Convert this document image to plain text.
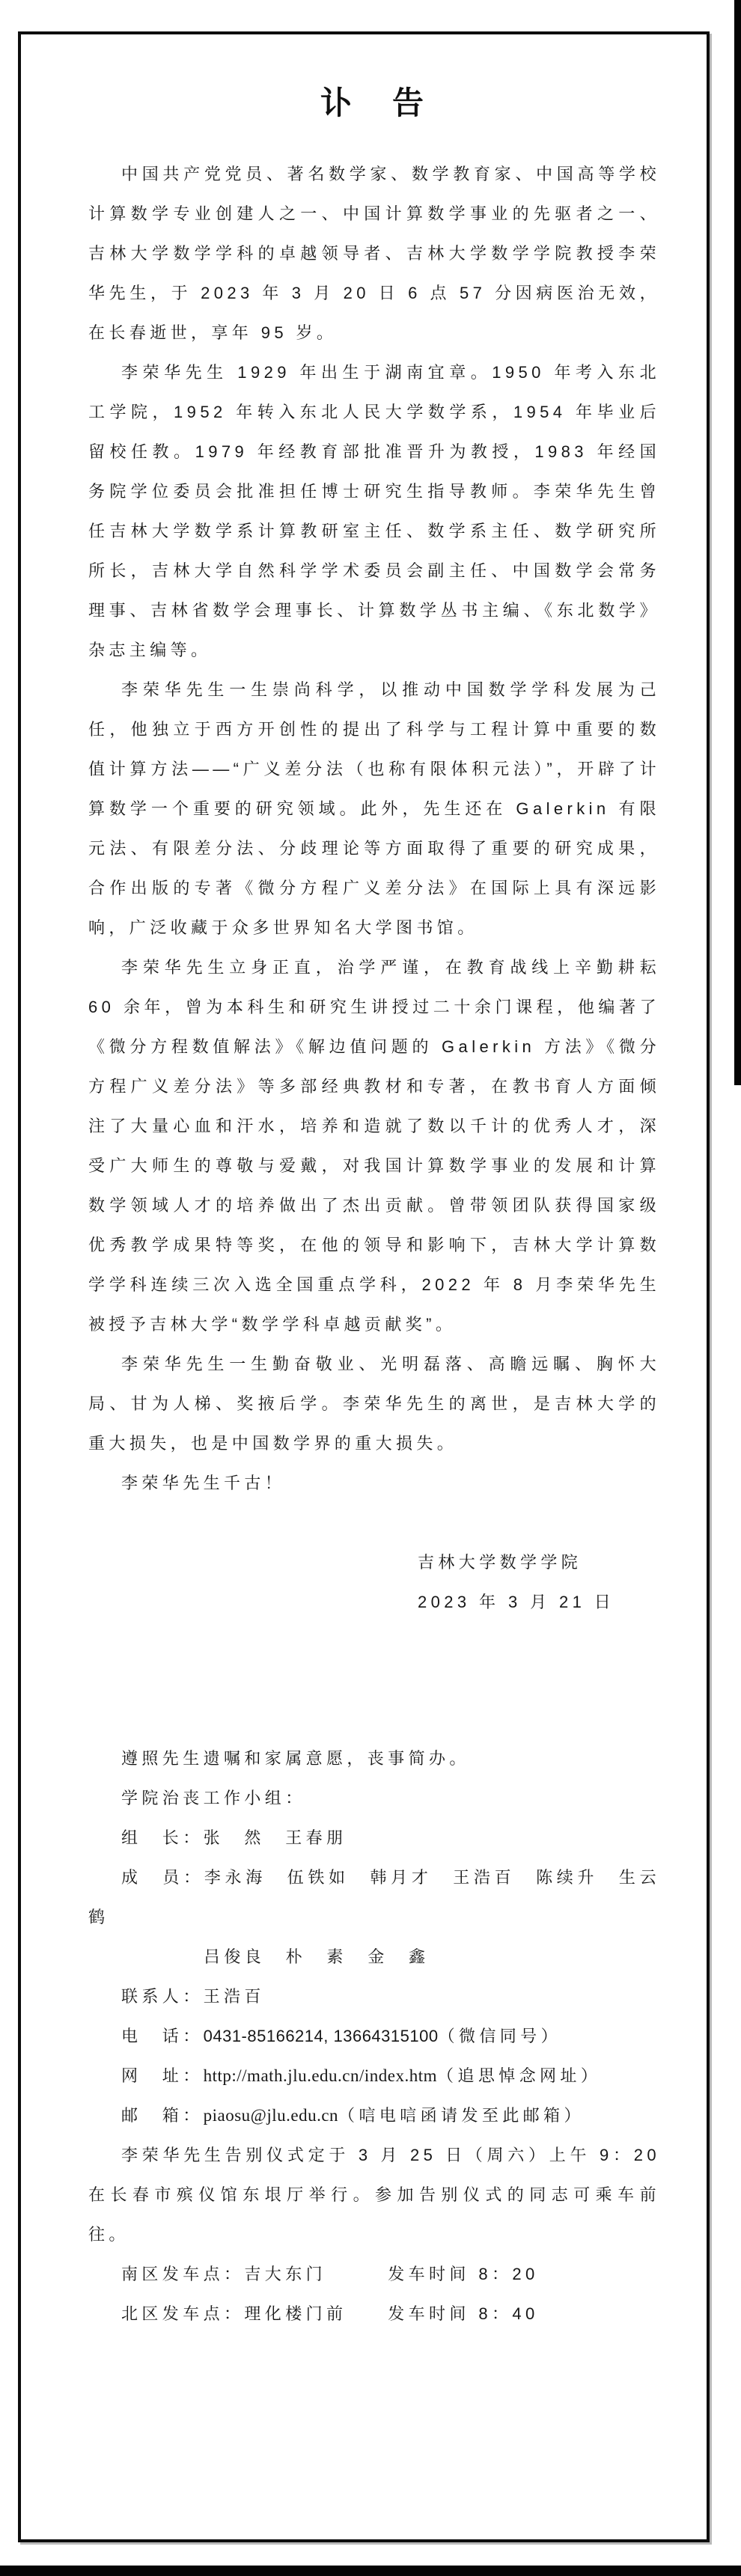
讣　告

中国共产党党员、著名数学家、数学教育家、中国高等学校计算数学专业创建人之一、中国计算数学事业的先驱者之一、吉林大学数学学科的卓越领导者、吉林大学数学学院教授李荣华先生，于 2023 年 3 月 20 日 6 点 57 分因病医治无效，在长春逝世，享年 95 岁。

李荣华先生 1929 年出生于湖南宜章。1950 年考入东北工学院，1952 年转入东北人民大学数学系，1954 年毕业后留校任教。1979 年经教育部批准晋升为教授，1983 年经国务院学位委员会批准担任博士研究生指导教师。李荣华先生曾任吉林大学数学系计算教研室主任、数学系主任、数学研究所所长，吉林大学自然科学学术委员会副主任、中国数学会常务理事、吉林省数学会理事长、计算数学丛书主编、《东北数学》杂志主编等。

李荣华先生一生崇尚科学，以推动中国数学学科发展为己任，他独立于西方开创性的提出了科学与工程计算中重要的数值计算方法——“广义差分法（也称有限体积元法）”，开辟了计算数学一个重要的研究领域。此外，先生还在 Galerkin 有限元法、有限差分法、分歧理论等方面取得了重要的研究成果，合作出版的专著《微分方程广义差分法》在国际上具有深远影响，广泛收藏于众多世界知名大学图书馆。

李荣华先生立身正直，治学严谨，在教育战线上辛勤耕耘 60 余年，曾为本科生和研究生讲授过二十余门课程，他编著了《微分方程数值解法》《解边值问题的 Galerkin 方法》《微分方程广义差分法》等多部经典教材和专著，在教书育人方面倾注了大量心血和汗水，培养和造就了数以千计的优秀人才，深受广大师生的尊敬与爱戴，对我国计算数学事业的发展和计算数学领域人才的培养做出了杰出贡献。曾带领团队获得国家级优秀教学成果特等奖，在他的领导和影响下，吉林大学计算数学学科连续三次入选全国重点学科，2022 年 8 月李荣华先生被授予吉林大学“数学学科卓越贡献奖”。

李荣华先生一生勤奋敬业、光明磊落、高瞻远瞩、胸怀大局、甘为人梯、奖掖后学。李荣华先生的离世，是吉林大学的重大损失，也是中国数学界的重大损失。

李荣华先生千古！

吉林大学数学学院
2023 年 3 月 21 日

遵照先生遗嘱和家属意愿，丧事简办。

学院治丧工作小组：

组　长：张　然　王春朋

成　员：李永海　伍铁如　韩月才　王浩百　陈续升　生云鹤

吕俊良　朴　素　金　鑫

联系人：王浩百

电　话：0431-85166214, 13664315100（微信同号）

网　址：http://math.jlu.edu.cn/index.htm（追思悼念网址）

邮　箱：piaosu@jlu.edu.cn（唁电唁函请发至此邮箱）

李荣华先生告别仪式定于 3 月 25 日（周六）上午 9：20 在长春市殡仪馆东垠厅举行。参加告别仪式的同志可乘车前往。

南区发车点：吉大东门　　　发车时间 8：20

北区发车点：理化楼门前　　发车时间 8：40
